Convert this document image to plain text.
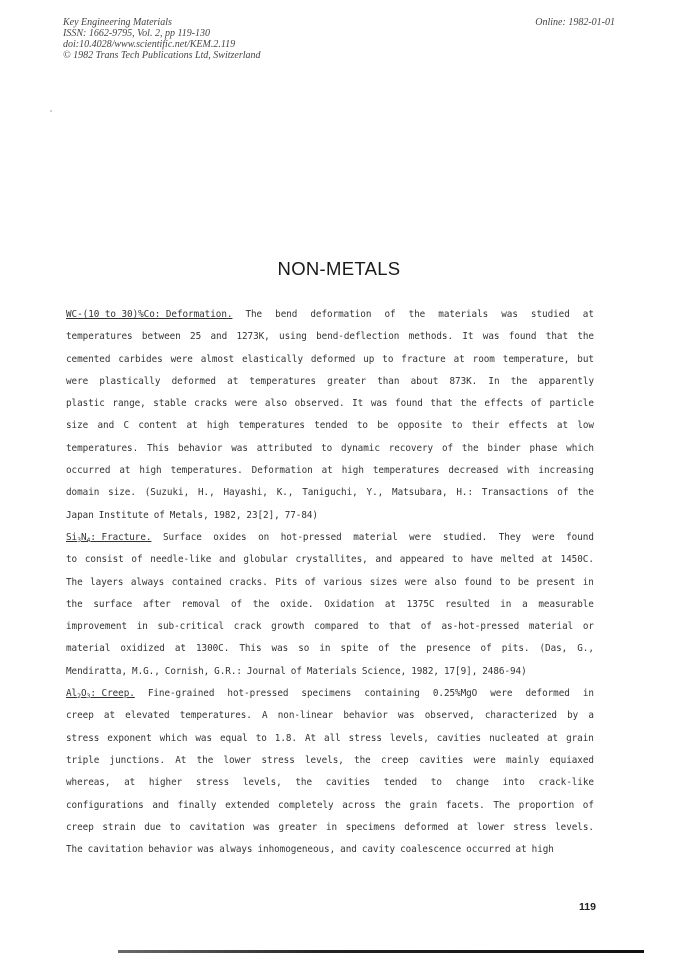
Key Engineering Materials
ISSN: 1662-9795, Vol. 2, pp 119-130
doi:10.4028/www.scientific.net/KEM.2.119
© 1982 Trans Tech Publications Ltd, Switzerland
Online: 1982-01-01
NON-METALS
WC-(10 to 30)%Co: Deformation. The bend deformation of the materials was studied at
temperatures between 25 and 1273K, using bend-deflection methods. It was found that the
cemented carbides were almost elastically deformed up to fracture at room temperature, but
were plastically deformed at temperatures greater than about 873K. In the apparently
plastic range, stable cracks were also observed. It was found that the effects of particle
size and C content at high temperatures tended to be opposite to their effects at low
temperatures. This behavior was attributed to dynamic recovery of the binder phase which
occurred at high temperatures. Deformation at high temperatures decreased with increasing
domain size. (Suzuki, H., Hayashi, K., Taniguchi, Y., Matsubara, H.: Transactions of the
Japan Institute of Metals, 1982, 23[2], 77-84)
$Si_3N_4$: Fracture. Surface oxides on hot-pressed material were studied. They were found
to consist of needle-like and globular crystallites, and appeared to have melted at 1450C.
The layers always contained cracks. Pits of various sizes were also found to be present in
the surface after removal of the oxide. Oxidation at 1375C resulted in a measurable
improvement in sub-critical crack growth compared to that of as-hot-pressed material or
material oxidized at 1300C. This was so in spite of the presence of pits. (Das, G.,
Mendiratta, M.G., Cornish, G.R.: Journal of Materials Science, 1982, 17[9], 2486-94)
$Al_2O_3$: Creep. Fine-grained hot-pressed specimens containing 0.25%MgO were deformed in
creep at elevated temperatures. A non-linear behavior was observed, characterized by a
stress exponent which was equal to 1.8. At all stress levels, cavities nucleated at grain
triple junctions. At the lower stress levels, the creep cavities were mainly equiaxed
whereas, at higher stress levels, the cavities tended to change into crack-like
configurations and finally extended completely across the grain facets. The proportion of
creep strain due to cavitation was greater in specimens deformed at lower stress levels.
The cavitation behavior was always inhomogeneous, and cavity coalescence occurred at high
119
